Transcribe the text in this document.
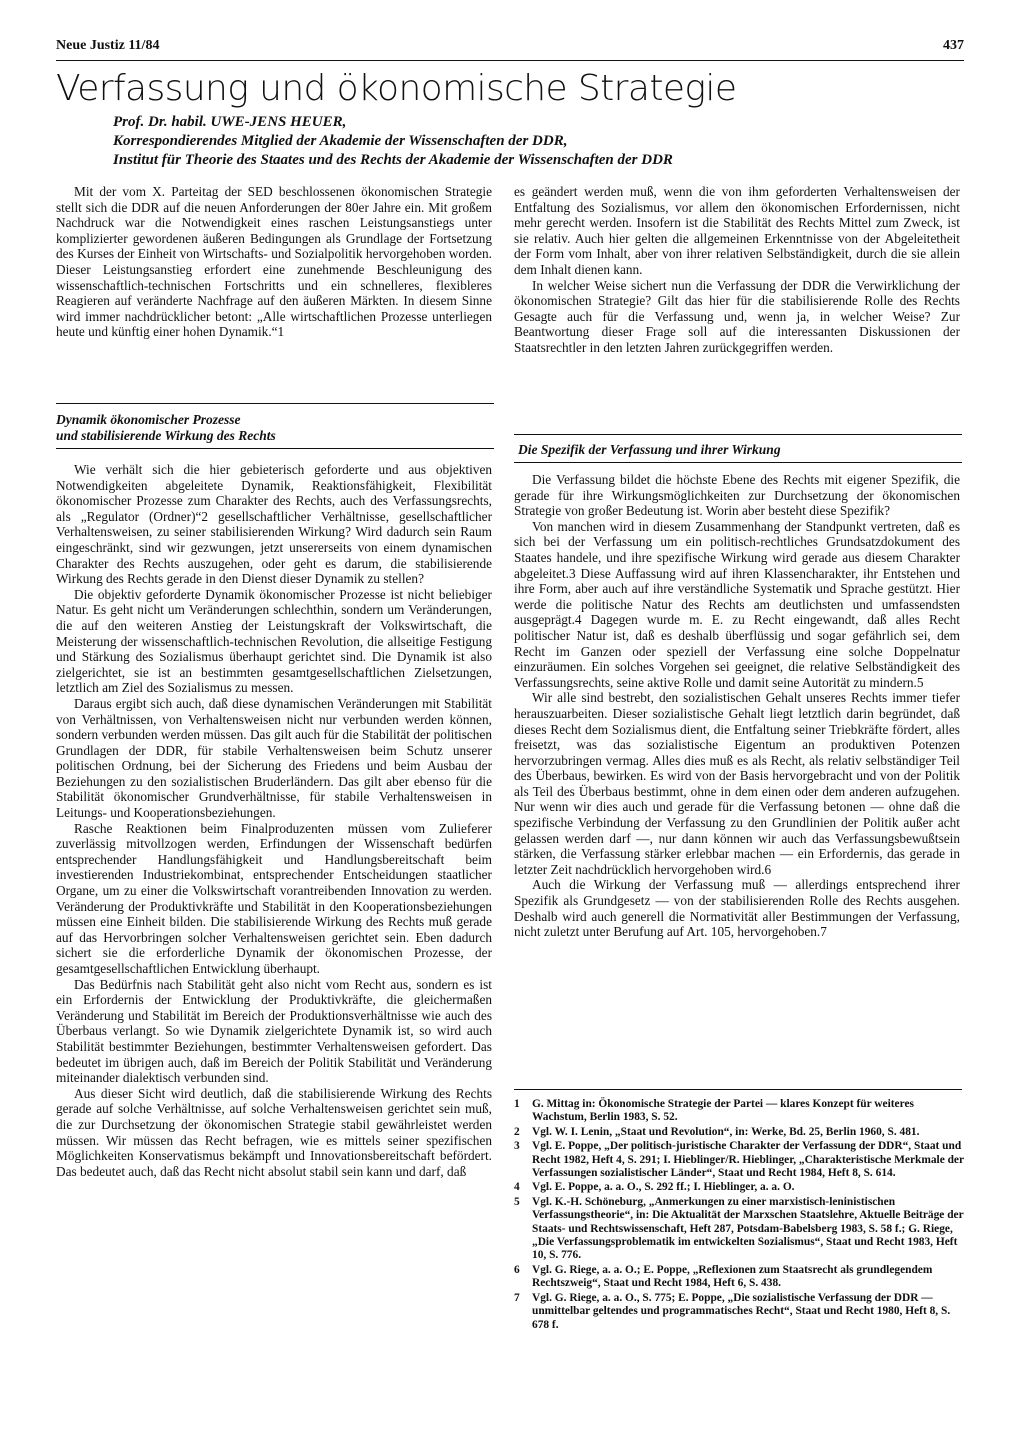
Neue Justiz 11/84	437
Verfassung und ökonomische Strategie
Prof. Dr. habil. UWE-JENS HEUER,
Korrespondierendes Mitglied der Akademie der Wissenschaften der DDR,
Institut für Theorie des Staates und des Rechts der Akademie der Wissenschaften der DDR

Mit der vom X. Parteitag der SED beschlossenen ökonomischen Strategie stellt sich die DDR auf die neuen Anforderungen der 80er Jahre ein. Mit großem Nachdruck war die Notwendigkeit eines raschen Leistungsanstiegs unter komplizierter gewordenen äußeren Bedingungen als Grundlage der Fortsetzung des Kurses der Einheit von Wirtschafts- und Sozialpolitik hervorgehoben worden. Dieser Leistungsanstieg erfordert eine zunehmende Beschleunigung des wissenschaftlich-technischen Fortschritts und ein schnelleres, flexibleres Reagieren auf veränderte Nachfrage auf den äußeren Märkten. In diesem Sinne wird immer nachdrücklicher betont: „Alle wirtschaftlichen Prozesse unterliegen heute und künftig einer hohen Dynamik.“1

Dynamik ökonomischer Prozesse
und stabilisierende Wirkung des Rechts

Wie verhält sich die hier gebieterisch geforderte und aus objektiven Notwendigkeiten abgeleitete Dynamik, Reaktionsfähigkeit, Flexibilität ökonomischer Prozesse zum Charakter des Rechts, auch des Verfassungsrechts, als „Regulator (Ordner)“2 gesellschaftlicher Verhältnisse, gesellschaftlicher Verhaltensweisen, zu seiner stabilisierenden Wirkung? Wird dadurch sein Raum eingeschränkt, sind wir gezwungen, jetzt unsererseits von einem dynamischen Charakter des Rechts auszugehen, oder geht es darum, die stabilisierende Wirkung des Rechts gerade in den Dienst dieser Dynamik zu stellen?

Die objektiv geforderte Dynamik ökonomischer Prozesse ist nicht beliebiger Natur. Es geht nicht um Veränderungen schlechthin, sondern um Veränderungen, die auf den weiteren Anstieg der Leistungskraft der Volkswirtschaft, die Meisterung der wissenschaftlich-technischen Revolution, die allseitige Festigung und Stärkung des Sozialismus überhaupt gerichtet sind. Die Dynamik ist also zielgerichtet, sie ist an bestimmten gesamtgesellschaftlichen Zielsetzungen, letztlich am Ziel des Sozialismus zu messen.

Daraus ergibt sich auch, daß diese dynamischen Veränderungen mit Stabilität von Verhältnissen, von Verhaltensweisen nicht nur verbunden werden können, sondern verbunden werden müssen. Das gilt auch für die Stabilität der politischen Grundlagen der DDR, für stabile Verhaltensweisen beim Schutz unserer politischen Ordnung, bei der Sicherung des Friedens und beim Ausbau der Beziehungen zu den sozialistischen Bruderländern. Das gilt aber ebenso für die Stabilität ökonomischer Grundverhältnisse, für stabile Verhaltensweisen in Leitungs- und Kooperationsbeziehungen.

Rasche Reaktionen beim Finalproduzenten müssen vom Zulieferer zuverlässig mitvollzogen werden, Erfindungen der Wissenschaft bedürfen entsprechender Handlungsfähigkeit und Handlungsbereitschaft beim investierenden Industriekombinat, entsprechender Entscheidungen staatlicher Organe, um zu einer die Volkswirtschaft vorantreibenden Innovation zu werden. Veränderung der Produktivkräfte und Stabilität in den Kooperationsbeziehungen müssen eine Einheit bilden. Die stabilisierende Wirkung des Rechts muß gerade auf das Hervorbringen solcher Verhaltensweisen gerichtet sein. Eben dadurch sichert sie die erforderliche Dynamik der ökonomischen Prozesse, der gesamtgesellschaftlichen Entwicklung überhaupt.

Das Bedürfnis nach Stabilität geht also nicht vom Recht aus, sondern es ist ein Erfordernis der Entwicklung der Produktivkräfte, die gleichermaßen Veränderung und Stabilität im Bereich der Produktionsverhältnisse wie auch des Überbaus verlangt. So wie Dynamik zielgerichtete Dynamik ist, so wird auch Stabilität bestimmter Beziehungen, bestimmter Verhaltensweisen gefordert. Das bedeutet im übrigen auch, daß im Bereich der Politik Stabilität und Veränderung miteinander dialektisch verbunden sind.

Aus dieser Sicht wird deutlich, daß die stabilisierende Wirkung des Rechts gerade auf solche Verhältnisse, auf solche Verhaltensweisen gerichtet sein muß, die zur Durchsetzung der ökonomischen Strategie stabil gewährleistet werden müssen. Wir müssen das Recht befragen, wie es mittels seiner spezifischen Möglichkeiten Konservatismus bekämpft und Innovationsbereitschaft befördert. Das bedeutet auch, daß das Recht nicht absolut stabil sein kann und darf, daß

es geändert werden muß, wenn die von ihm geforderten Verhaltensweisen der Entfaltung des Sozialismus, vor allem den ökonomischen Erfordernissen, nicht mehr gerecht werden. Insofern ist die Stabilität des Rechts Mittel zum Zweck, ist sie relativ. Auch hier gelten die allgemeinen Erkenntnisse von der Abgeleitetheit der Form vom Inhalt, aber von ihrer relativen Selbständigkeit, durch die sie allein dem Inhalt dienen kann.

In welcher Weise sichert nun die Verfassung der DDR die Verwirklichung der ökonomischen Strategie? Gilt das hier für die stabilisierende Rolle des Rechts Gesagte auch für die Verfassung und, wenn ja, in welcher Weise? Zur Beantwortung dieser Frage soll auf die interessanten Diskussionen der Staatsrechtler in den letzten Jahren zurückgegriffen werden.

Die Spezifik der Verfassung und ihrer Wirkung

Die Verfassung bildet die höchste Ebene des Rechts mit eigener Spezifik, die gerade für ihre Wirkungsmöglichkeiten zur Durchsetzung der ökonomischen Strategie von großer Bedeutung ist. Worin aber besteht diese Spezifik?

Von manchen wird in diesem Zusammenhang der Standpunkt vertreten, daß es sich bei der Verfassung um ein politisch-rechtliches Grundsatzdokument des Staates handele, und ihre spezifische Wirkung wird gerade aus diesem Charakter abgeleitet.3 Diese Auffassung wird auf ihren Klassencharakter, ihr Entstehen und ihre Form, aber auch auf ihre verständliche Systematik und Sprache gestützt. Hier werde die politische Natur des Rechts am deutlichsten und umfassendsten ausgeprägt.4 Dagegen wurde m. E. zu Recht eingewandt, daß alles Recht politischer Natur ist, daß es deshalb überflüssig und sogar gefährlich sei, dem Recht im Ganzen oder speziell der Verfassung eine solche Doppelnatur einzuräumen. Ein solches Vorgehen sei geeignet, die relative Selbständigkeit des Verfassungsrechts, seine aktive Rolle und damit seine Autorität zu mindern.5

Wir alle sind bestrebt, den sozialistischen Gehalt unseres Rechts immer tiefer herauszuarbeiten. Dieser sozialistische Gehalt liegt letztlich darin begründet, daß dieses Recht dem Sozialismus dient, die Entfaltung seiner Triebkräfte fördert, alles freisetzt, was das sozialistische Eigentum an produktiven Potenzen hervorzubringen vermag. Alles dies muß es als Recht, als relativ selbständiger Teil des Überbaus, bewirken. Es wird von der Basis hervorgebracht und von der Politik als Teil des Überbaus bestimmt, ohne in dem einen oder dem anderen aufzugehen. Nur wenn wir dies auch und gerade für die Verfassung betonen — ohne daß die spezifische Verbindung der Verfassung zu den Grundlinien der Politik außer acht gelassen werden darf —, nur dann können wir auch das Verfassungsbewußtsein stärken, die Verfassung stärker erlebbar machen — ein Erfordernis, das gerade in letzter Zeit nachdrücklich hervorgehoben wird.6

Auch die Wirkung der Verfassung muß — allerdings entsprechend ihrer Spezifik als Grundgesetz — von der stabilisierenden Rolle des Rechts ausgehen. Deshalb wird auch generell die Normativität aller Bestimmungen der Verfassung, nicht zuletzt unter Berufung auf Art. 105, hervorgehoben.7

1	G. Mittag in: Ökonomische Strategie der Partei — klares Konzept für weiteres Wachstum, Berlin 1983, S. 52.
2	Vgl. W. I. Lenin, „Staat und Revolution“, in: Werke, Bd. 25, Berlin 1960, S. 481.
3	Vgl. E. Poppe, „Der politisch-juristische Charakter der Verfassung der DDR“, Staat und Recht 1982, Heft 4, S. 291; I. Hieblinger/R. Hieblinger, „Charakteristische Merkmale der Verfassungen sozialistischer Länder“, Staat und Recht 1984, Heft 8, S. 614.
4	Vgl. E. Poppe, a. a. O., S. 292 ff.; I. Hieblinger, a. a. O.
5	Vgl. K.-H. Schöneburg, „Anmerkungen zu einer marxistisch-leninistischen Verfassungstheorie“, in: Die Aktualität der Marxschen Staatslehre, Aktuelle Beiträge der Staats- und Rechtswissenschaft, Heft 287, Potsdam-Babelsberg 1983, S. 58 f.; G. Riege, „Die Verfassungsproblematik im entwickelten Sozialismus“, Staat und Recht 1983, Heft 10, S. 776.
6	Vgl. G. Riege, a. a. O.; E. Poppe, „Reflexionen zum Staatsrecht als grundlegendem Rechtszweig“, Staat und Recht 1984, Heft 6, S. 438.
7	Vgl. G. Riege, a. a. O., S. 775; E. Poppe, „Die sozialistische Verfassung der DDR — unmittelbar geltendes und programmatisches Recht“, Staat und Recht 1980, Heft 8, S. 678 f.
